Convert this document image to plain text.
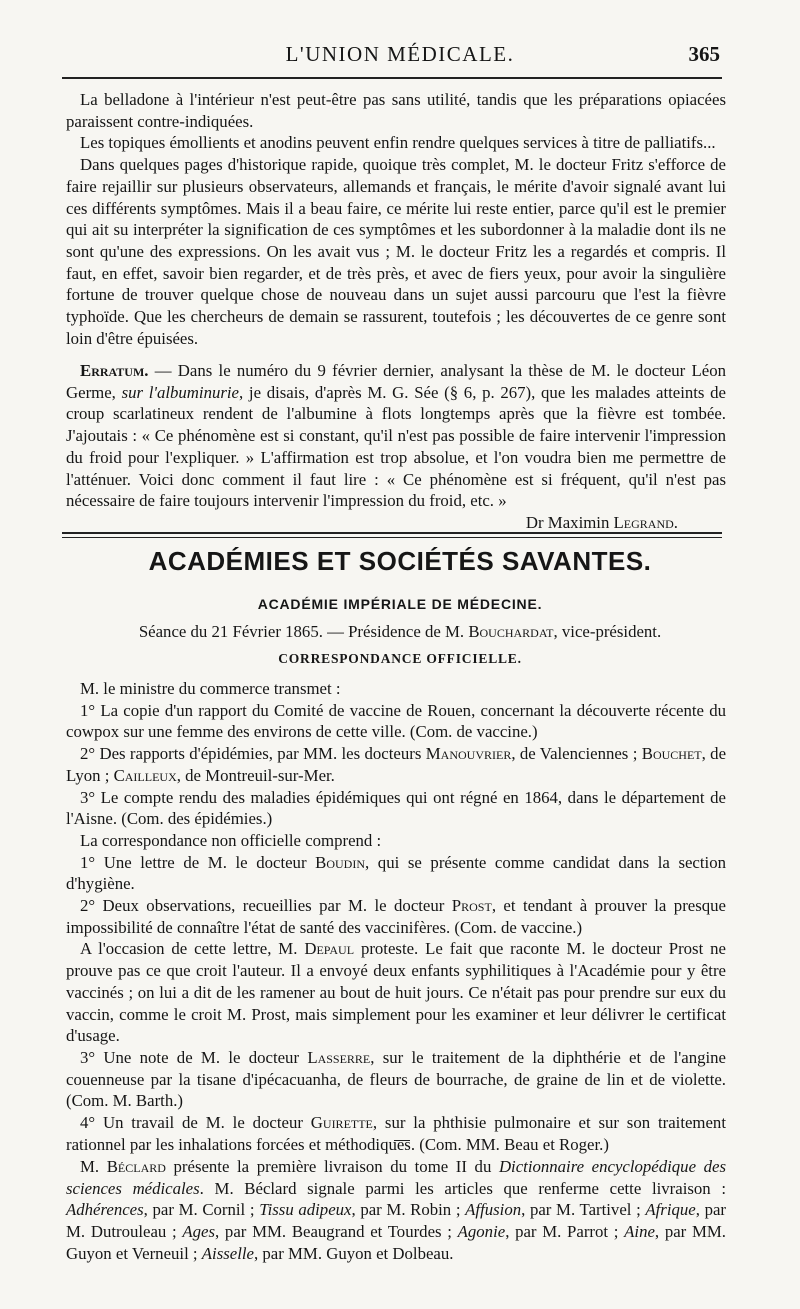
L'UNION MÉDICALE.	365

La belladone à l'intérieur n'est peut-être pas sans utilité, tandis que les préparations opiacées paraissent contre-indiquées.

Les topiques émollients et anodins peuvent enfin rendre quelques services à titre de palliatifs...

Dans quelques pages d'historique rapide, quoique très complet, M. le docteur Fritz s'efforce de faire rejaillir sur plusieurs observateurs, allemands et français, le mérite d'avoir signalé avant lui ces différents symptômes. Mais il a beau faire, ce mérite lui reste entier, parce qu'il est le premier qui ait su interpréter la signification de ces symptômes et les subordonner à la maladie dont ils ne sont qu'une des expressions. On les avait vus ; M. le docteur Fritz les a regardés et compris. Il faut, en effet, savoir bien regarder, et de très près, et avec de fiers yeux, pour avoir la singulière fortune de trouver quelque chose de nouveau dans un sujet aussi parcouru que l'est la fièvre typhoïde. Que les chercheurs de demain se rassurent, toutefois ; les découvertes de ce genre sont loin d'être épuisées.

Erratum. — Dans le numéro du 9 février dernier, analysant la thèse de M. le docteur Léon Germe, sur l'albuminurie, je disais, d'après M. G. Sée (§ 6, p. 267), que les malades atteints de croup scarlatineux rendent de l'albumine à flots longtemps après que la fièvre est tombée. J'ajoutais : « Ce phénomène est si constant, qu'il n'est pas possible de faire intervenir l'impression du froid pour l'expliquer. » L'affirmation est trop absolue, et l'on voudra bien me permettre de l'atténuer. Voici donc comment il faut lire : « Ce phénomène est si fréquent, qu'il n'est pas nécessaire de faire toujours intervenir l'impression du froid, etc. »

Dr Maximin Legrand.

ACADÉMIES ET SOCIÉTÉS SAVANTES.
ACADÉMIE IMPÉRIALE DE MÉDECINE.
Séance du 21 Février 1865. — Présidence de M. Bouchardat, vice-président.
CORRESPONDANCE OFFICIELLE.

M. le ministre du commerce transmet :

1° La copie d'un rapport du Comité de vaccine de Rouen, concernant la découverte récente du cowpox sur une femme des environs de cette ville. (Com. de vaccine.)

2° Des rapports d'épidémies, par MM. les docteurs Manouvrier, de Valenciennes ; Bouchet, de Lyon ; Cailleux, de Montreuil-sur-Mer.

3° Le compte rendu des maladies épidémiques qui ont régné en 1864, dans le département de l'Aisne. (Com. des épidémies.)

La correspondance non officielle comprend :

1° Une lettre de M. le docteur Boudin, qui se présente comme candidat dans la section d'hygiène.

2° Deux observations, recueillies par M. le docteur Prost, et tendant à prouver la presque impossibilité de connaître l'état de santé des vaccinifères. (Com. de vaccine.)

A l'occasion de cette lettre, M. Depaul proteste. Le fait que raconte M. le docteur Prost ne prouve pas ce que croit l'auteur. Il a envoyé deux enfants syphilitiques à l'Académie pour y être vaccinés ; on lui a dit de les ramener au bout de huit jours. Ce n'était pas pour prendre sur eux du vaccin, comme le croit M. Prost, mais simplement pour les examiner et leur délivrer le certificat d'usage.

3° Une note de M. le docteur Lasserre, sur le traitement de la diphthérie et de l'angine couenneuse par la tisane d'ipécacuanha, de fleurs de bourrache, de graine de lin et de violette. (Com. M. Barth.)

4° Un travail de M. le docteur Guirette, sur la phthisie pulmonaire et sur son traitement rationnel par les inhalations forcées et méthodiques. (Com. MM. Beau et Roger.)

M. Béclard présente la première livraison du tome II du Dictionnaire encyclopédique des sciences médicales. M. Béclard signale parmi les articles que renferme cette livraison : Adhérences, par M. Cornil ; Tissu adipeux, par M. Robin ; Affusion, par M. Tartivel ; Afrique, par M. Dutrouleau ; Ages, par MM. Beaugrand et Tourdes ; Agonie, par M. Parrot ; Aine, par MM. Guyon et Verneuil ; Aisselle, par MM. Guyon et Dolbeau.
